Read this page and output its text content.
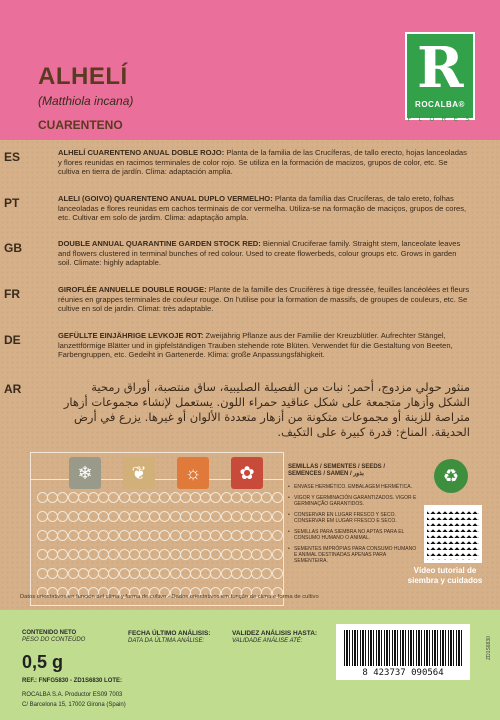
ALHELÍ
(Matthiola incana)
CUARENTENO
R
ROCALBA®
F L O R E S
ES	ALHELÍ CUARENTENO ANUAL DOBLE ROJO: Planta de la familia de las Crucíferas, de tallo erecto, hojas lanceoladas y flores reunidas en racimos terminales de color rojo. Se utiliza en la formación de macizos, grupos de color, etc. Se cultiva en tierra de jardín. Clima: adaptación amplia.
PT	ALELI (GOIVO) QUARENTENO ANUAL DUPLO VERMELHO: Planta da família das Crucíferas, de talo ereto, folhas lanceoladas e flores reunidas em cachos terminais de cor vermelha. Utiliza-se na formação de maciços, grupos de cores, etc. Cultivar em solo de jardim. Clima: adaptação ampla.
GB	DOUBLE ANNUAL QUARANTINE GARDEN STOCK RED: Biennial Cruciferae family. Straight stem, lanceolate leaves and flowers clustered in terminal bunches of red colour. Used to create flowerbeds, colour groups etc. Grows in garden soil. Climate: highly adaptable.
FR	GIROFLÉE ANNUELLE DOUBLE ROUGE: Plante de la famille des Crucifères à tige dressée, feuilles lancéolées et fleurs réunies en grappes terminales de couleur rouge. On l'utilise pour la formation de massifs, de groupes de couleurs, etc. Se cultive en sol de jardin. Climat: très adaptable.
DE	GEFÜLLTE EINJÄHRIGE LEVKOJE ROT: Zweijährig Pflanze aus der Familie der Kreuzblütler. Aufrechter Stängel, lanzettförmige Blätter und in gipfelständigen Trauben stehende rote Blüten. Verwendet für die Gestaltung von Beeten, Farbengruppen, etc. Gedeiht in Gartenerde. Klima: große Anpassungsfähigkeit.
AR	منثور حولي مزدوج، أحمر: نبات من الفصيلة الصليبية، ساق منتصبة، أوراق رمحية الشكل وأزهار متجمعة على شكل عناقيد حمراء اللون. يستعمل لإنشاء مجموعات أزهار متراصة للزينة أو مجموعات متكونة من أزهار متعددة الألوان أو غيرها. يزرع في أرض الحديقة. المناخ: قدرة كبيرة على التكيف.
❄	❦	☼	✿	SEMILLAS / SEMENTES / SEEDS /
SEMENCES / SAMEN / بذور
• ENVASE HERMÉTICO. EMBALAGEM HERMÉTICA.
• VIGOR Y GERMINACIÓN GARANTIZADOS. VIGOR E GERMINAÇÃO GARANTIDOS.
• CONSERVAR EN LUGAR FRESCO Y SECO. CONSERVAR EM LUGAR FRESCO E SECO.
• SEMILLAS PARA SIEMBRA NO APTAS PARA EL CONSUMO HUMANO O ANIMAL.
• SEMENTES IMPRÓPIAS PARA CONSUMO HUMANO E ANIMAL DESTINADAS APENAS PARA SEMENTEIRA.
♻
Vídeo tutorial de
siembra y cuidados
Datos orientativos en función del clima y forma de cultivo - Dados orientativos em função de clima e forma de cultivo
CONTENIDO NETO
PESO DO CONTEÚDO
0,5 g
REF.: FNFG5830 - ZD1S6830 LOTE:
ROCALBA S.A. Productor ES09 7003
C/ Barcelona 15, 17002 Girona (Spain)
FECHA ÚLTIMO ANÁLISIS:
DATA DA ÚLTIMA ANÁLISE:
VALIDEZ ANÁLISIS HASTA:
VALIDADE ANÁLISE ATÉ:
8 423737 090564
ZD1S6830
